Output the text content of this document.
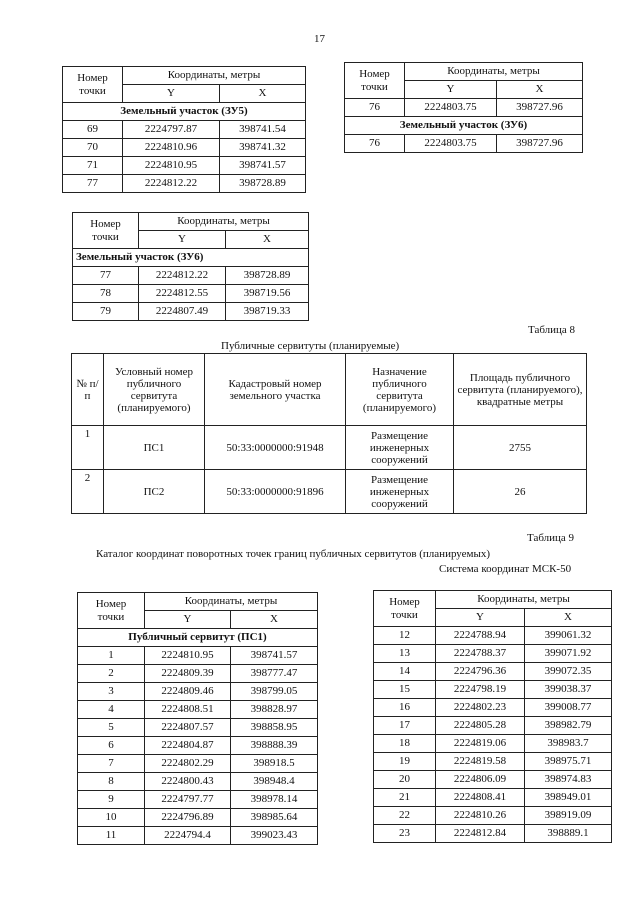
17
Номер
точки	Координаты, метры	
	Y	X
Земельный участок (ЗУ5)		
69	2224797.87	398741.54
70	2224810.96	398741.32
71	2224810.95	398741.57
77	2224812.22	398728.89
Номер
точки	Координаты, метры	
	Y	X
76	2224803.75	398727.96
Земельный участок (ЗУ6)		
76	2224803.75	398727.96
Номер
точки	Координаты, метры	
	Y	X
Земельный участок (ЗУ6)		
77	2224812.22	398728.89
78	2224812.55	398719.56
79	2224807.49	398719.33
Таблица 8
Публичные сервитуты (планируемые)
№ п/п	Условный номер публичного сервитута (планируемого)	Кадастровый номер земельного участка	Назначение публичного сервитута (планируемого)	Площадь публичного сервитута (планируемого), квадратные метры
1	ПС1	50:33:0000000:91948	Размещение инженерных сооружений	2755
2	ПС2	50:33:0000000:91896	Размещение инженерных сооружений	26
Таблица 9
Каталог координат поворотных точек границ публичных сервитутов (планируемых)
Система координат МСК-50
Номер
точки	Координаты, метры	
	Y	X
Публичный сервитут (ПС1)		
1	2224810.95	398741.57
2	2224809.39	398777.47
3	2224809.46	398799.05
4	2224808.51	398828.97
5	2224807.57	398858.95
6	2224804.87	398888.39
7	2224802.29	398918.5
8	2224800.43	398948.4
9	2224797.77	398978.14
10	2224796.89	398985.64
11	2224794.4	399023.43
Номер
точки	Координаты, метры	
	Y	X
12	2224788.94	399061.32
13	2224788.37	399071.92
14	2224796.36	399072.35
15	2224798.19	399038.37
16	2224802.23	399008.77
17	2224805.28	398982.79
18	2224819.06	398983.7
19	2224819.58	398975.71
20	2224806.09	398974.83
21	2224808.41	398949.01
22	2224810.26	398919.09
23	2224812.84	398889.1
